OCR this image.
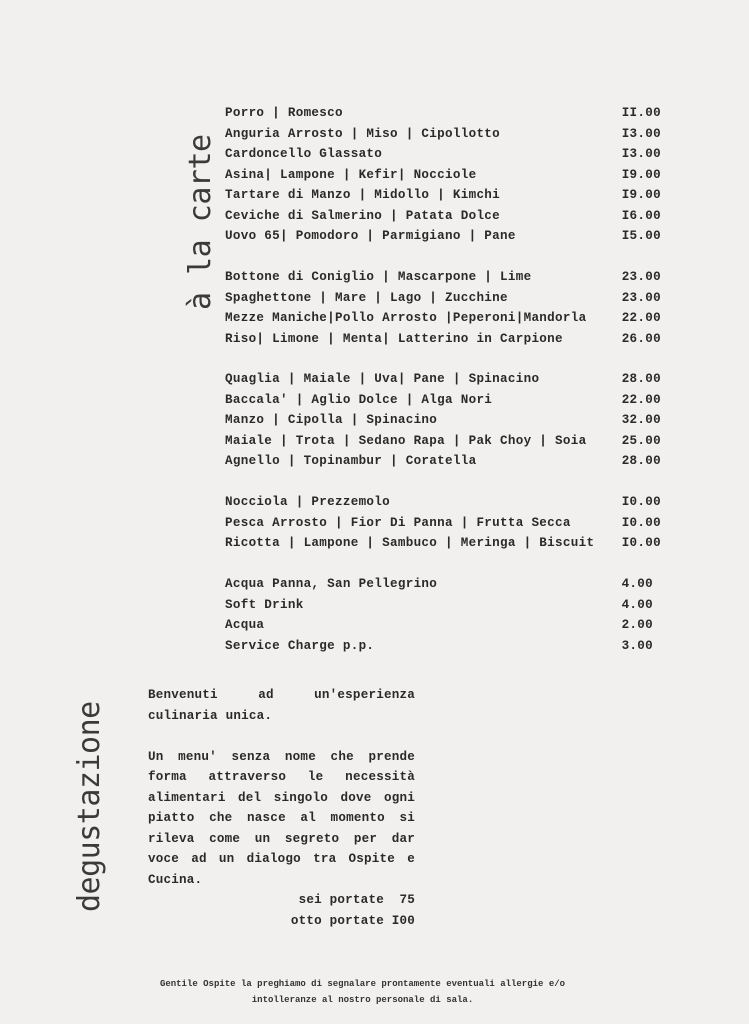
à la carte
degustazione
Porro | Romesco	II.00
Anguria Arrosto | Miso | Cipollotto	I3.00
Cardoncello Glassato	I3.00
Asina| Lampone | Kefir| Nocciole	I9.00
Tartare di Manzo | Midollo | Kimchi	I9.00
Ceviche di Salmerino | Patata Dolce	I6.00
Uovo 65| Pomodoro | Parmigiano | Pane	I5.00
Bottone di Coniglio | Mascarpone | Lime	23.00
Spaghettone | Mare | Lago | Zucchine	23.00
Mezze Maniche|Pollo Arrosto |Peperoni|Mandorla	22.00
Riso| Limone | Menta| Latterino in Carpione	26.00
Quaglia | Maiale | Uva| Pane | Spinacino	28.00
Baccala' | Aglio Dolce | Alga Nori	22.00
Manzo | Cipolla | Spinacino	32.00
Maiale | Trota | Sedano Rapa | Pak Choy | Soia	25.00
Agnello | Topinambur | Coratella	28.00
Nocciola | Prezzemolo	I0.00
Pesca Arrosto | Fior Di Panna | Frutta Secca	I0.00
Ricotta | Lampone | Sambuco | Meringa | Biscuit I0.00
Acqua Panna, San Pellegrino	4.00
Soft Drink	4.00
Acqua	2.00
Service Charge p.p.	3.00
Benvenuti ad un'esperienza
culinaria unica.
Un menu' senza nome che prende
forma attraverso le necessità
alimentari del singolo dove ogni
piatto che nasce al momento si
rileva come un segreto per dar
voce ad un dialogo tra Ospite e
Cucina.
sei portate  75
otto portate I00
Gentile Ospite la preghiamo di segnalare prontamente eventuali allergie e/o
intolleranze al nostro personale di sala.
